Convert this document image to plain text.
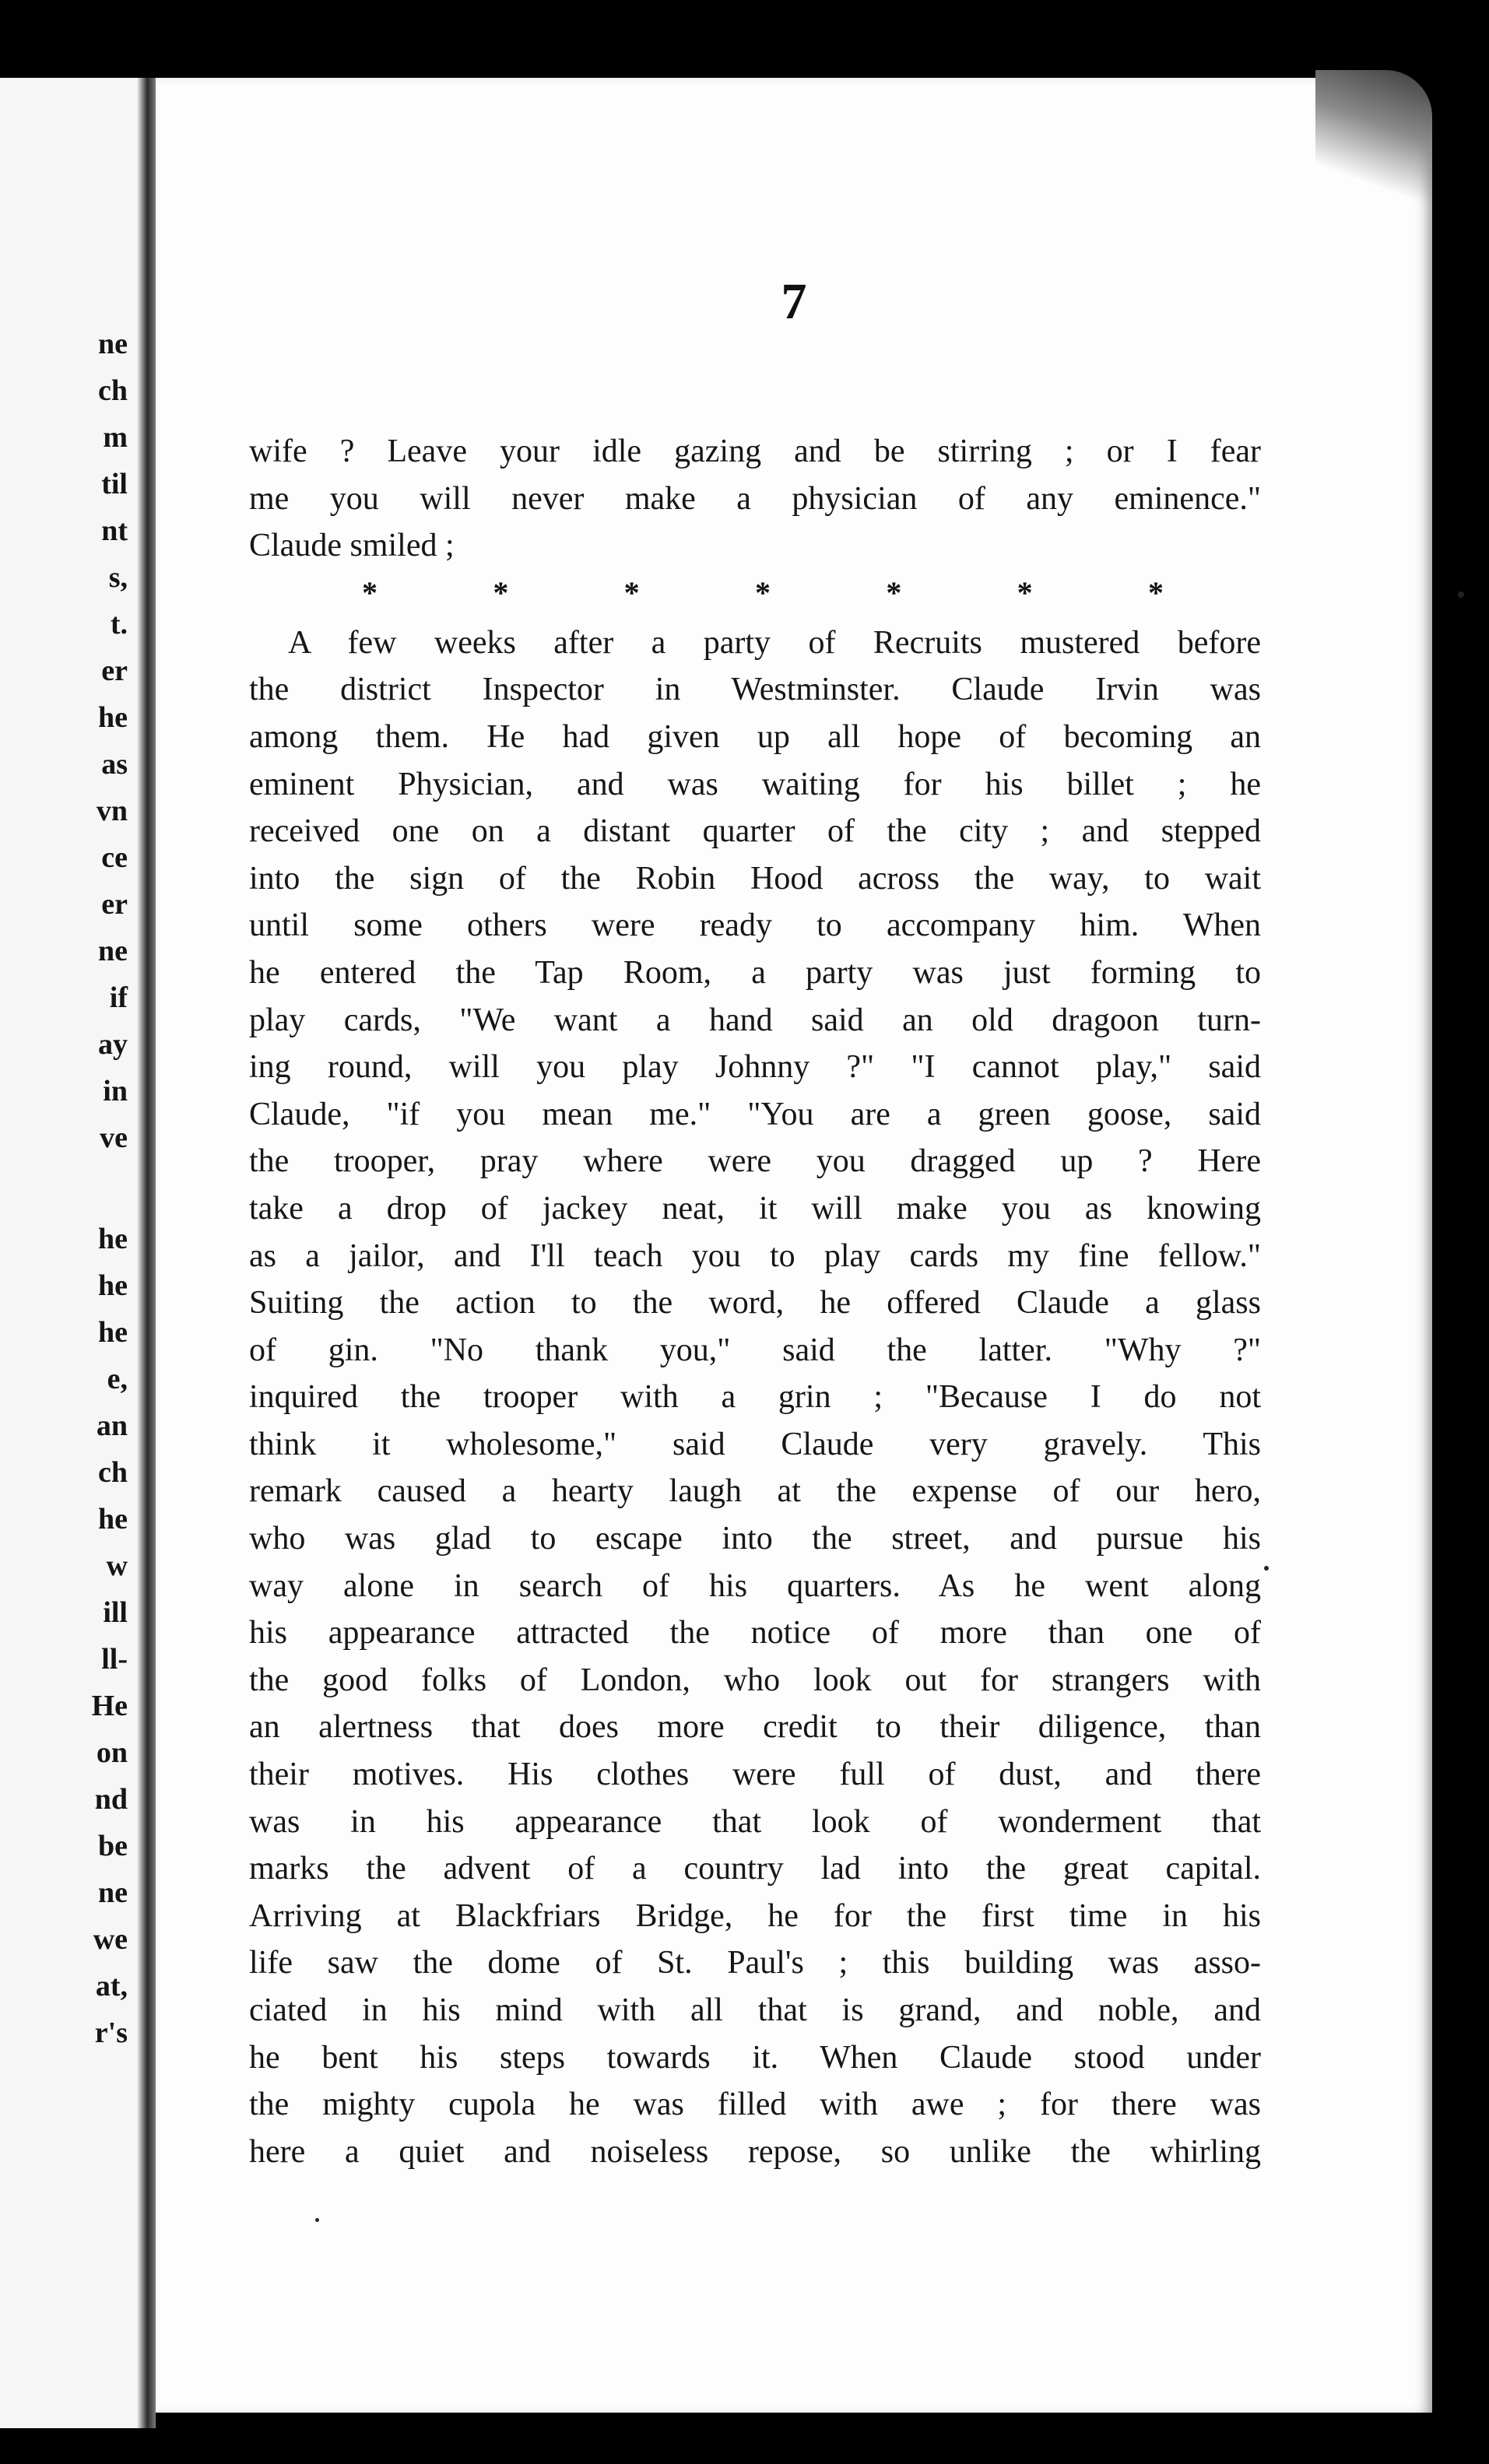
ne
ch
m
til
nt
s,
t.
er
he
as
vn
ce
er
ne
if
ay
in
ve
he
he
he
e,
an
ch
he
w
ill
ll-
He
on
nd
be
ne
we
at,
r's
7
wife ? Leave your idle gazing and be stirring ; or I fear
me you will never make a physician of any eminence."
Claude smiled ;
*	*	*	*	*	*	*
A few weeks after a party of Recruits mustered before
the district Inspector in Westminster. Claude Irvin was
among them. He had given up all hope of becoming an
eminent Physician, and was waiting for his billet ; he
received one on a distant quarter of the city ; and stepped
into the sign of the Robin Hood across the way, to wait
until some others were ready to accompany him. When
he entered the Tap Room, a party was just forming to
play cards, "We want a hand said an old dragoon turn-
ing round, will you play Johnny ?" "I cannot play," said
Claude, "if you mean me." "You are a green goose, said
the trooper, pray where were you dragged up ? Here
take a drop of jackey neat, it will make you as knowing
as a jailor, and I'll teach you to play cards my fine fellow."
Suiting the action to the word, he offered Claude a glass
of gin. "No thank you," said the latter. "Why ?"
inquired the trooper with a grin ; "Because I do not
think it wholesome," said Claude very gravely. This
remark caused a hearty laugh at the expense of our hero,
who was glad to escape into the street, and pursue his
way alone in search of his quarters. As he went along
his appearance attracted the notice of more than one of
the good folks of London, who look out for strangers with
an alertness that does more credit to their diligence, than
their motives. His clothes were full of dust, and there
was in his appearance that look of wonderment that
marks the advent of a country lad into the great capital.
Arriving at Blackfriars Bridge, he for the first time in his
life saw the dome of St. Paul's ; this building was asso-
ciated in his mind with all that is grand, and noble, and
he bent his steps towards it. When Claude stood under
the mighty cupola he was filled with awe ; for there was
here a quiet and noiseless repose, so unlike the whirling
